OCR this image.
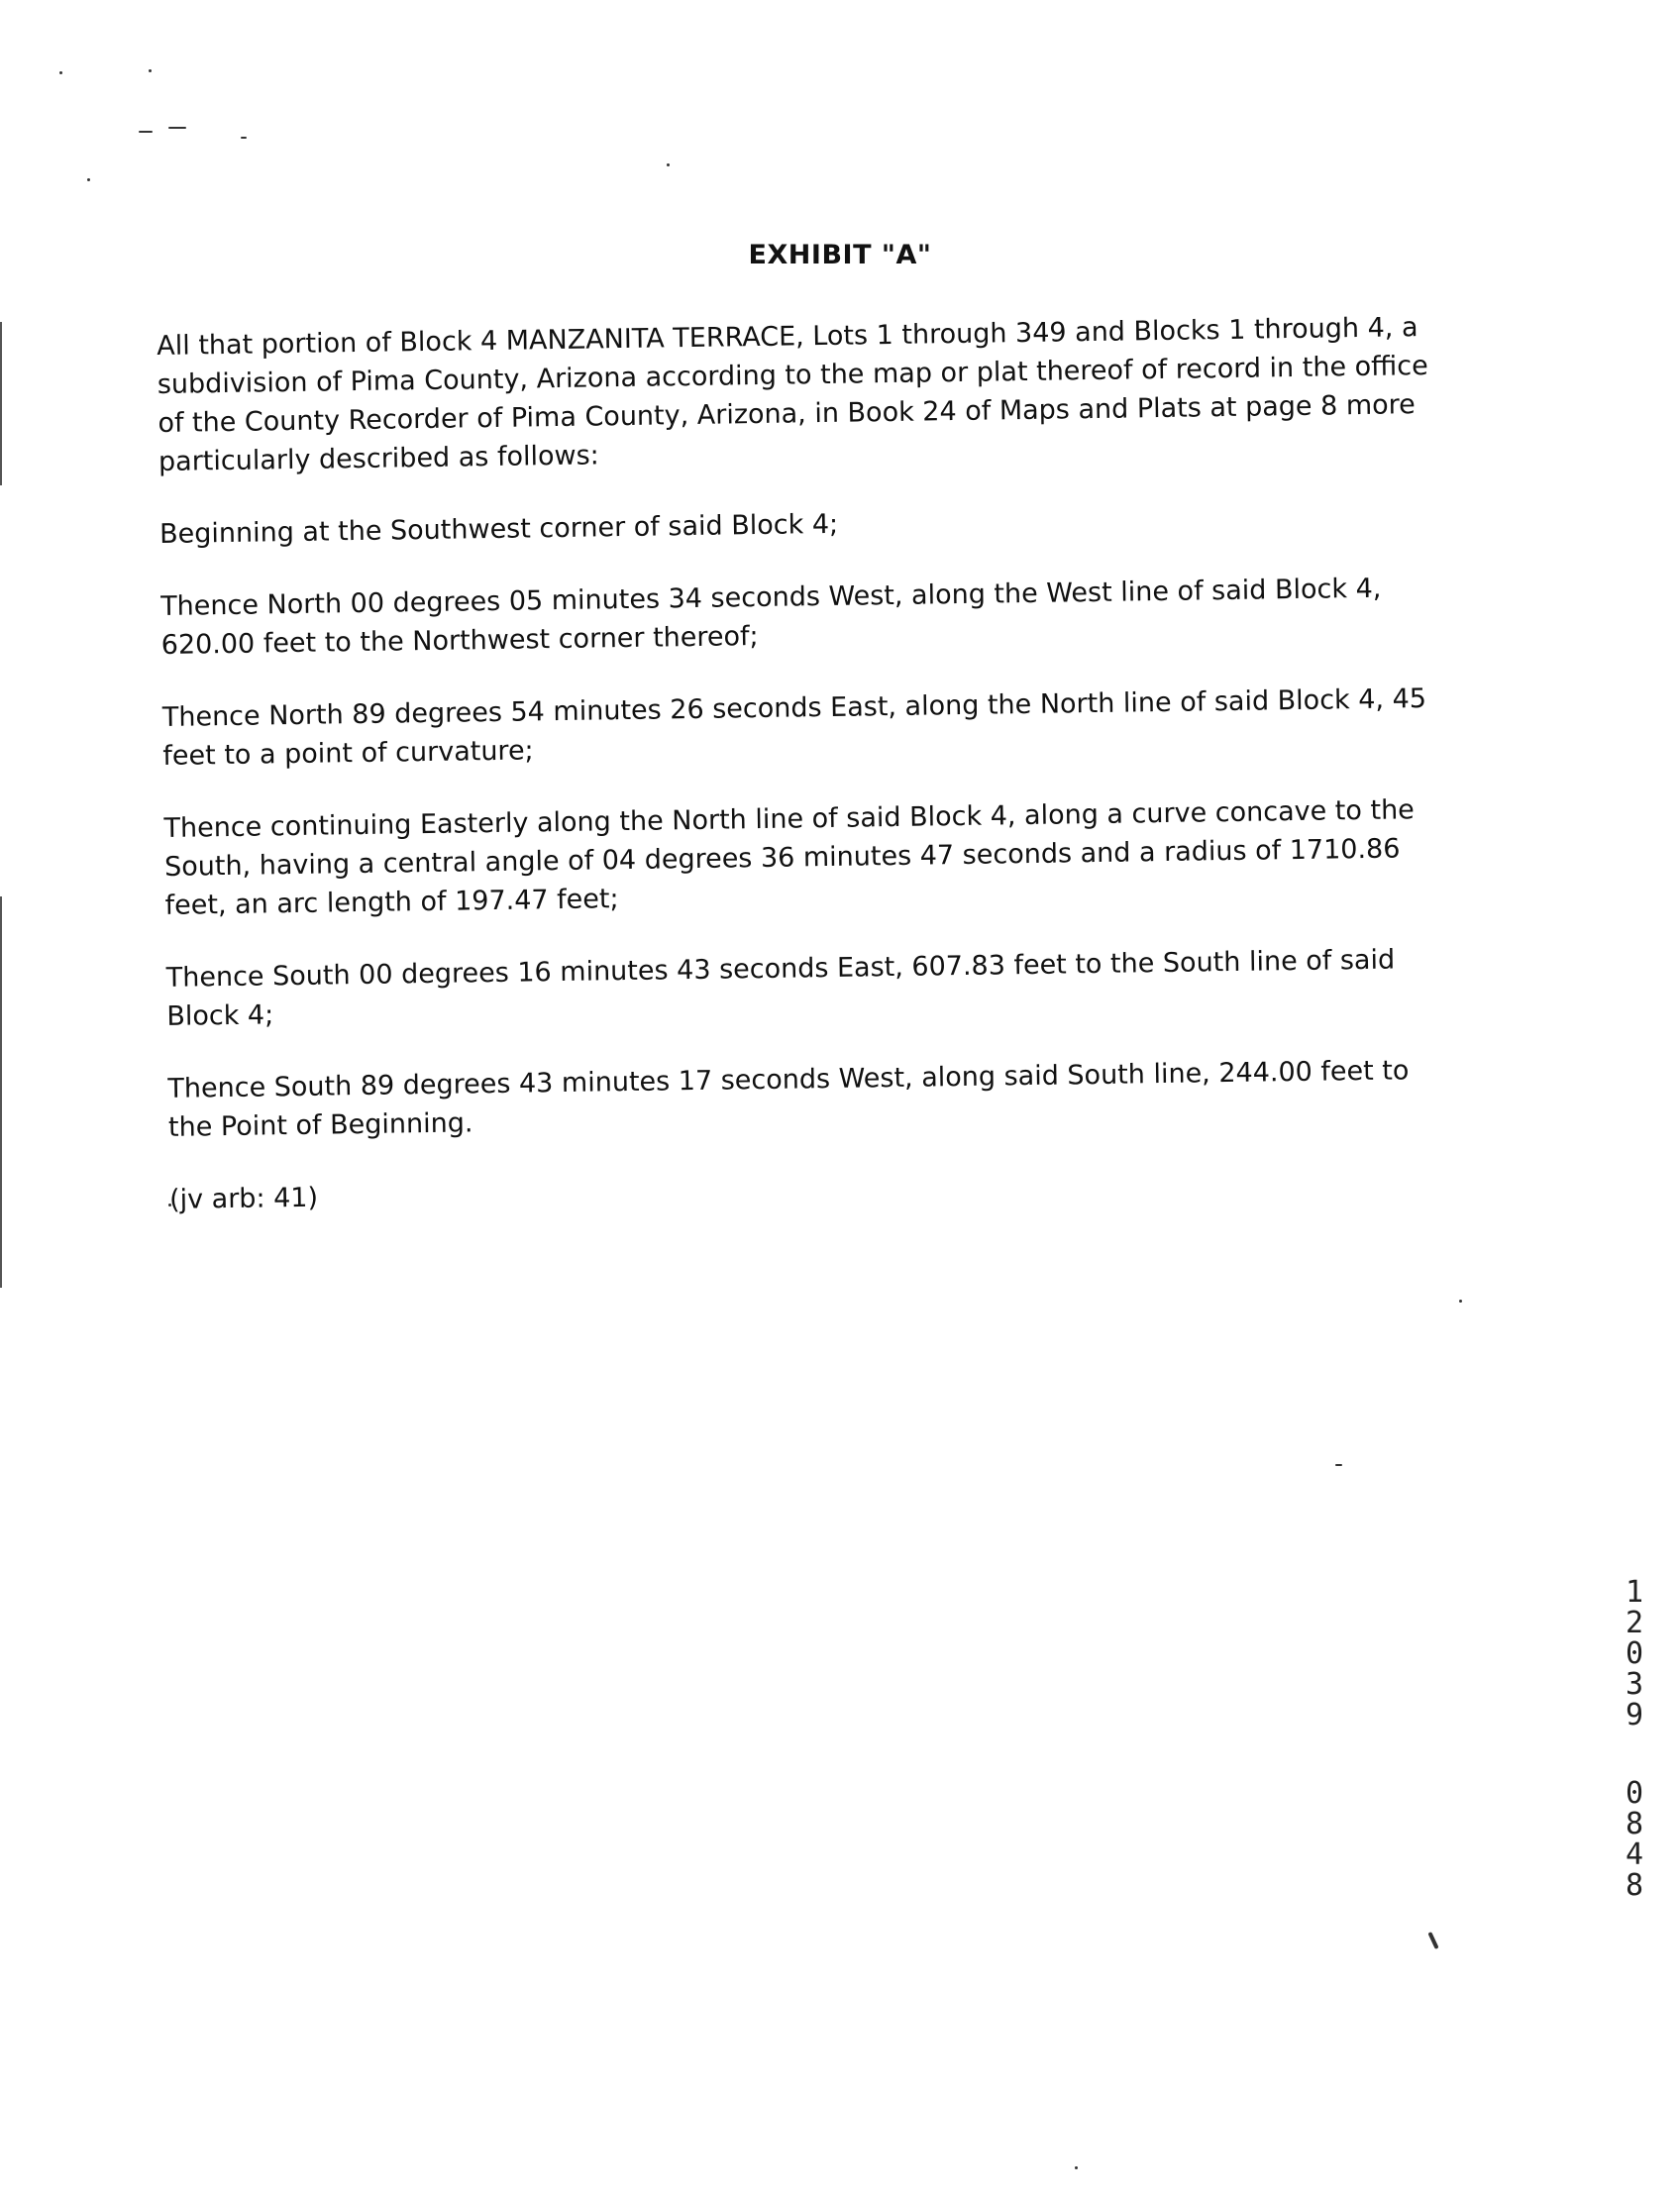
EXHIBIT "A"

All that portion of Block 4 MANZANITA TERRACE, Lots 1 through 349 and Blocks 1 through 4, a subdivision of Pima County, Arizona according to the map or plat thereof of record in the office of the County Recorder of Pima County, Arizona, in Book 24 of Maps and Plats at page 8 more particularly described as follows:

Beginning at the Southwest corner of said Block 4;

Thence North 00 degrees 05 minutes 34 seconds West, along the West line of said Block 4, 620.00 feet to the Northwest corner thereof;

Thence North 89 degrees 54 minutes 26 seconds East, along the North line of said Block 4, 45 feet to a point of curvature;

Thence continuing Easterly along the North line of said Block 4, along a curve concave to the South, having a central angle of 04 degrees 36 minutes 47 seconds and a radius of 1710.86 feet, an arc length of 197.47 feet;

Thence South 00 degrees 16 minutes 43 seconds East, 607.83 feet to the South line of said Block 4;

Thence South 89 degrees 43 minutes 17 seconds West, along said South line, 244.00 feet to the Point of Beginning.

(jv arb: 41)

1
2
0
3
9
0
8
4
8
